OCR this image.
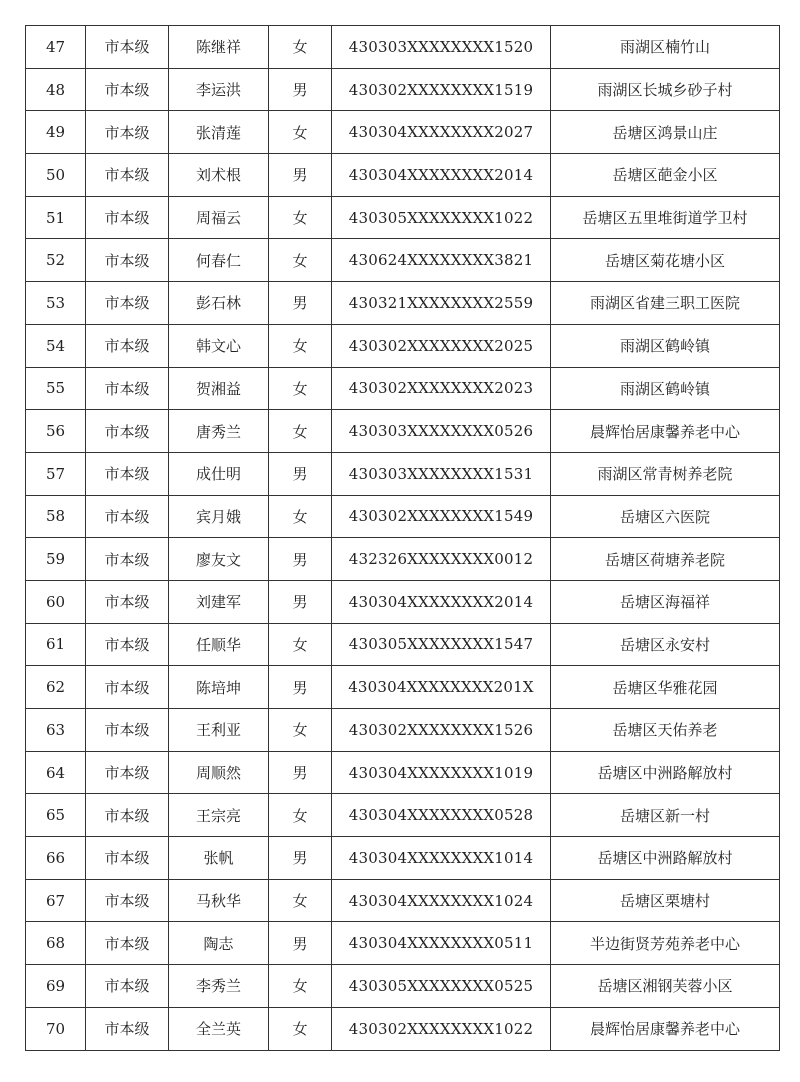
47	市本级	陈继祥	女	430303XXXXXXXX1520	雨湖区楠竹山
48	市本级	李运洪	男	430302XXXXXXXX1519	雨湖区长城乡砂子村
49	市本级	张清莲	女	430304XXXXXXXX2027	岳塘区鸿景山庄
50	市本级	刘术根	男	430304XXXXXXXX2014	岳塘区葩金小区
51	市本级	周福云	女	430305XXXXXXXX1022	岳塘区五里堆街道学卫村
52	市本级	何春仁	女	430624XXXXXXXX3821	岳塘区菊花塘小区
53	市本级	彭石林	男	430321XXXXXXXX2559	雨湖区省建三职工医院
54	市本级	韩文心	女	430302XXXXXXXX2025	雨湖区鹤岭镇
55	市本级	贺湘益	女	430302XXXXXXXX2023	雨湖区鹤岭镇
56	市本级	唐秀兰	女	430303XXXXXXXX0526	晨辉怡居康馨养老中心
57	市本级	成仕明	男	430303XXXXXXXX1531	雨湖区常青树养老院
58	市本级	宾月娥	女	430302XXXXXXXX1549	岳塘区六医院
59	市本级	廖友文	男	432326XXXXXXXX0012	岳塘区荷塘养老院
60	市本级	刘建军	男	430304XXXXXXXX2014	岳塘区海福祥
61	市本级	任顺华	女	430305XXXXXXXX1547	岳塘区永安村
62	市本级	陈培坤	男	430304XXXXXXXX201X	岳塘区华雅花园
63	市本级	王利亚	女	430302XXXXXXXX1526	岳塘区天佑养老
64	市本级	周顺然	男	430304XXXXXXXX1019	岳塘区中洲路解放村
65	市本级	王宗亮	女	430304XXXXXXXX0528	岳塘区新一村
66	市本级	张帆	男	430304XXXXXXXX1014	岳塘区中洲路解放村
67	市本级	马秋华	女	430304XXXXXXXX1024	岳塘区栗塘村
68	市本级	陶志	男	430304XXXXXXXX0511	半边街贤芳苑养老中心
69	市本级	李秀兰	女	430305XXXXXXXX0525	岳塘区湘钢芙蓉小区
70	市本级	全兰英	女	430302XXXXXXXX1022	晨辉怡居康馨养老中心
